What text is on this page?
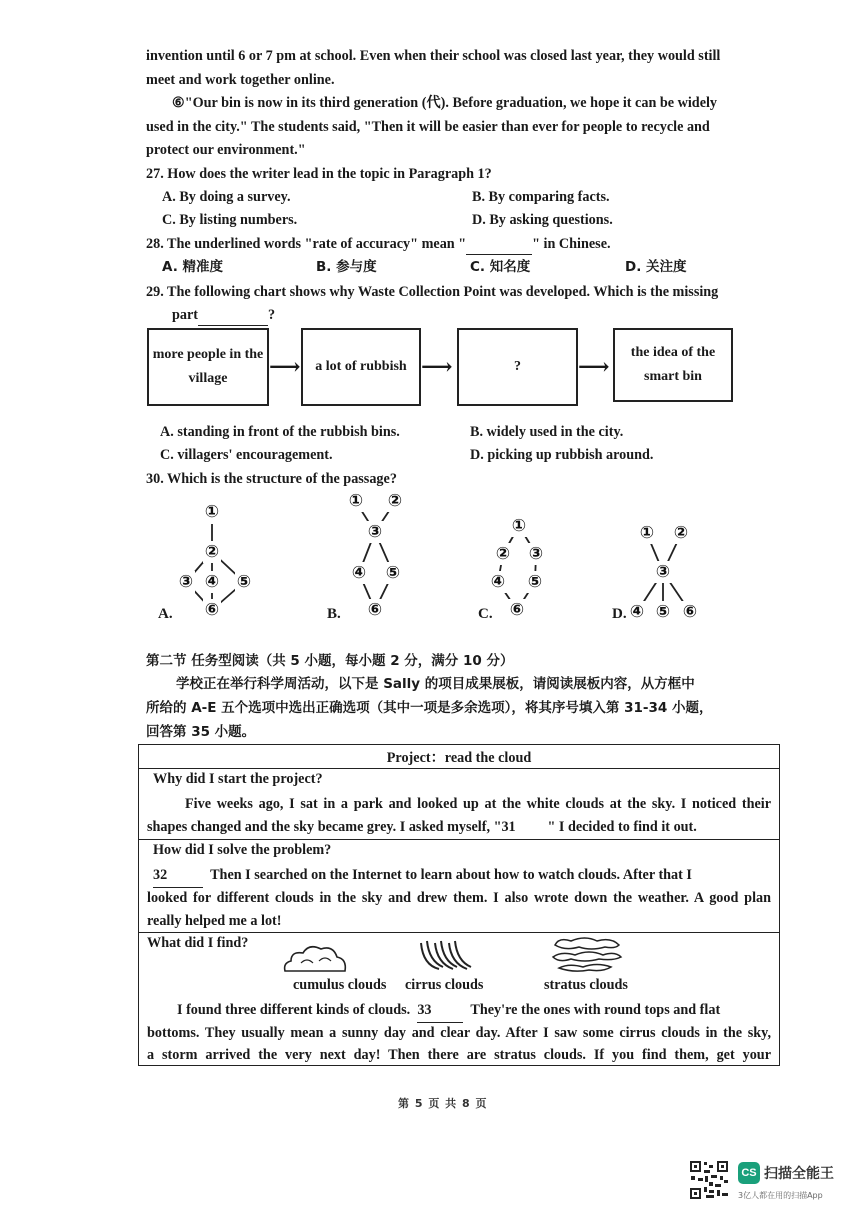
invention until 6 or 7 pm at school. Even when their school was closed last year, they would still
meet and work together online.
⑥"Our bin is now in its third generation (代). Before graduation, we hope it can be widely
used in the city." The students said, "Then it will be easier than ever for people to recycle and
protect our environment."
27. How does the writer lead in the topic in Paragraph 1?
A. By doing a survey.	B. By comparing facts.
C. By listing numbers.	D. By asking questions.
28. The underlined words "rate of accuracy" mean "	" in Chinese.
A. 精准度	B. 参与度	C. 知名度	D. 关注度
29. The following chart shows why Waste Collection Point was developed. Which is the missing
part	?
more people in the village	⟶	a lot of rubbish ⟶	?	⟶
the idea of the smart bin
A. standing in front of the rubbish bins.	B. widely used in the city.
C. villagers' encouragement.	D. picking up rubbish around.
30. Which is the structure of the passage?
①
②
③ ④ ⑤
⑥
① ②
③
④ ⑤
⑥
①
② ③
④ ⑤
⑥
① ②
③
④ ⑤ ⑥
A.	B.	C.	D.
第二节 任务型阅读（共 5 小题，每小题 2 分，满分 10 分）
学校正在举行科学周活动，以下是 Sally 的项目成果展板，请阅读展板内容，从方框中
所给的 A-E 五个选项中选出正确选项（其中一项是多余选项），将其序号填入第 31-34 小题，
回答第 35 小题。
Project：read the cloud
Why did I start the project?
Five weeks ago, I sat in a park and looked up at the white clouds at the sky. I noticed their
shapes changed and the sky became grey. I asked myself, "31 " I decided to find it out.
How did I solve the problem?
32	Then I searched on the Internet to learn about how to watch clouds. After that I
looked for different clouds in the sky and drew them. I also wrote down the weather. A good plan
really helped me a lot!
What did I find?
cumulus clouds cirrus clouds	stratus clouds
I found three different kinds of clouds. 33	They're the ones with round tops and flat
bottoms. They usually mean a sunny day and clear day. After I saw some cirrus clouds in the sky,
a storm arrived the very next day! Then there are stratus clouds. If you find them, get your
第 5 页 共 8 页
CS 扫描全能王
3亿人都在用的扫描App
